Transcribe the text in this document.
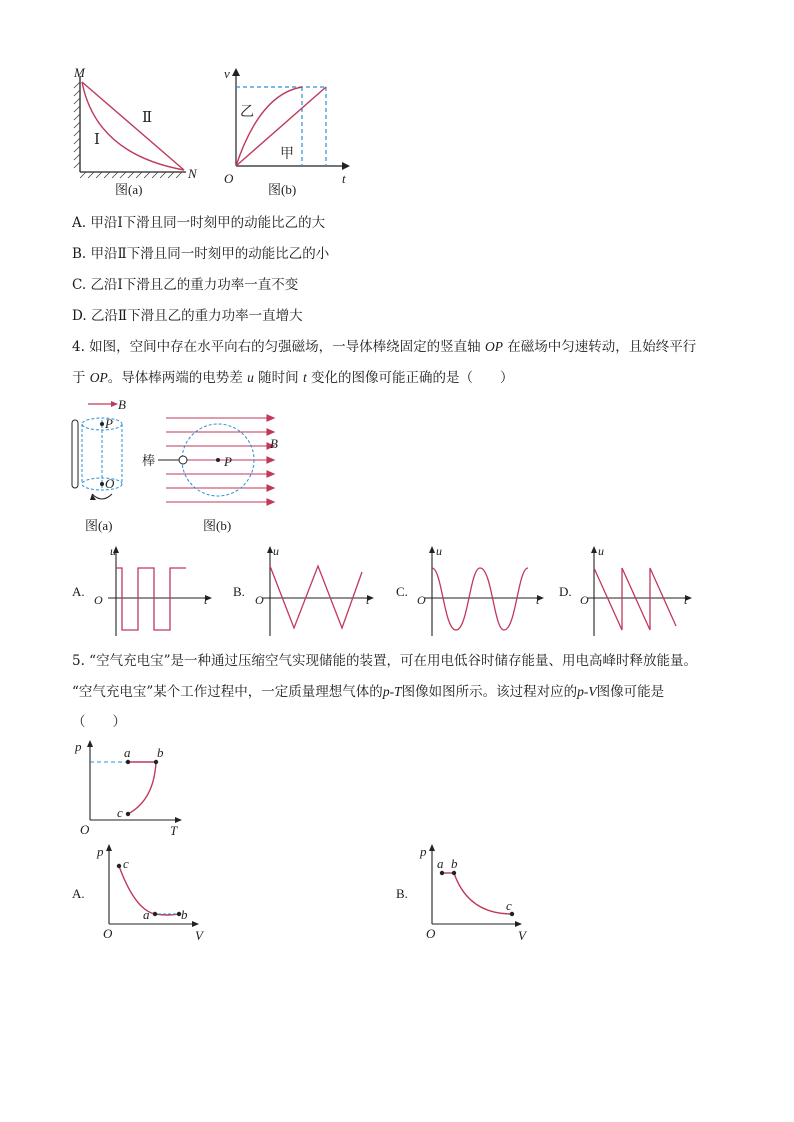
M
N
Ⅰ
Ⅱ
图(a)
v
t
O
乙
甲
图(b)
A. 甲沿Ⅰ下滑且同一时刻甲的动能比乙的大
B. 甲沿Ⅱ下滑且同一时刻甲的动能比乙的小
C. 乙沿Ⅰ下滑且乙的重力功率一直不变
D. 乙沿Ⅱ下滑且乙的重力功率一直增大
4. 如图，空间中存在水平向右的匀强磁场，一导体棒绕固定的竖直轴 OP 在磁场中匀速转动，且始终平行
于 OP。导体棒两端的电势差 u 随时间 t 变化的图像可能正确的是（　　）
B
P
O
图(a)
P
B
棒
图(b)
A.
u
O	t
B.
u
O	t
C.
u
O	t
D.
u
O	t
5. “空气充电宝”是一种通过压缩空气实现储能的装置，可在用电低谷时储存能量、用电高峰时释放能量。
“空气充电宝”某个工作过程中，一定质量理想气体的p-T图像如图所示。该过程对应的p-V图像可能是
（　　）
p
T
O
a b
c
A.
p
V
O
c
a b
B.
p
V
O
a b
c
